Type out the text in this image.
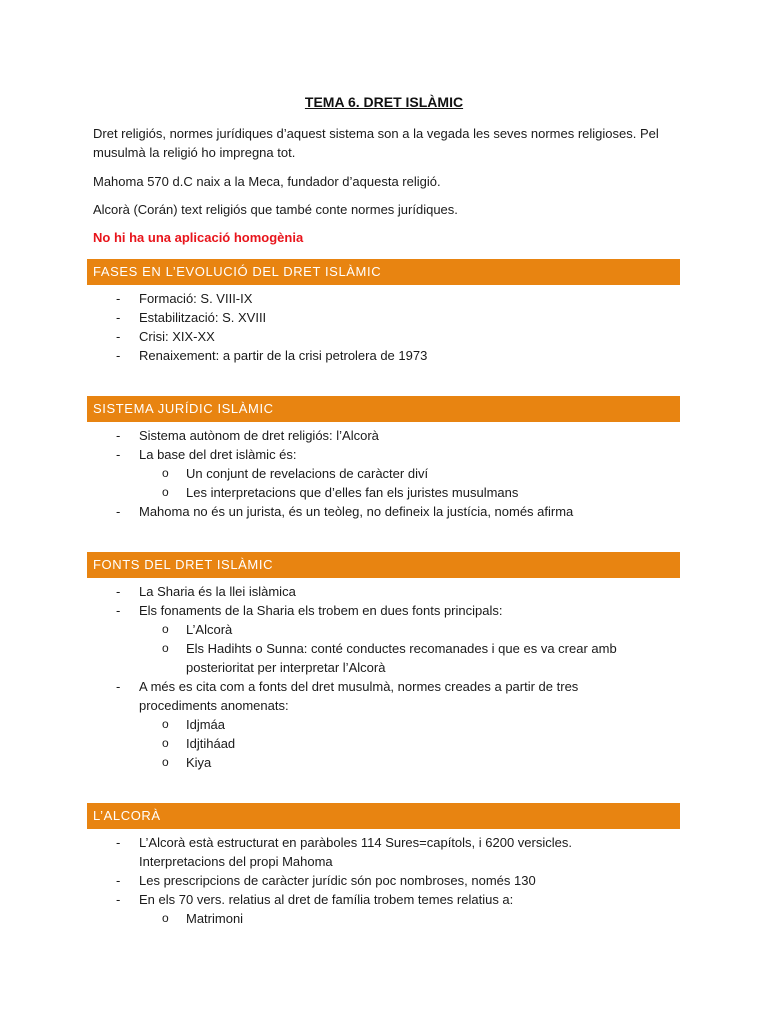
TEMA 6. DRET ISLÀMIC
Dret religiós, normes jurídiques d’aquest sistema son a la vegada les seves normes religioses. Pel musulmà la religió ho impregna tot.
Mahoma 570 d.C naix a la Meca, fundador d’aquesta religió.
Alcorà (Corán) text religiós que també conte normes jurídiques.
No hi ha una aplicació homogènia
FASES EN L’EVOLUCIÓ DEL DRET ISLÀMIC
- Formació: S. VIII-IX
- Estabilització: S. XVIII
- Crisi: XIX-XX
- Renaixement: a partir de la crisi petrolera de 1973
SISTEMA JURÍDIC ISLÀMIC
- Sistema autònom de dret religiós: l’Alcorà
- La base del dret islàmic és:
o Un conjunt de revelacions de caràcter diví
o Les interpretacions que d’elles fan els juristes musulmans
- Mahoma no és un jurista, és un teòleg, no defineix la justícia, només afirma
FONTS DEL DRET ISLÀMIC
- La Sharia és la llei islàmica
- Els fonaments de la Sharia els trobem en dues fonts principals:
o L’Alcorà
o Els Hadihts o Sunna: conté conductes recomanades i que es va crear amb posterioritat per interpretar l’Alcorà
- A més es cita com a fonts del dret musulmà, normes creades a partir de tres procediments anomenats:
o Idjmáa
o Idjtiháad
o Kiya
L’ALCORÀ
- L’Alcorà està estructurat en paràboles 114 Sures=capítols, i 6200 versicles. Interpretacions del propi Mahoma
- Les prescripcions de caràcter jurídic són poc nombroses, només 130
- En els 70 vers. relatius al dret de família trobem temes relatius a:
o Matrimoni
